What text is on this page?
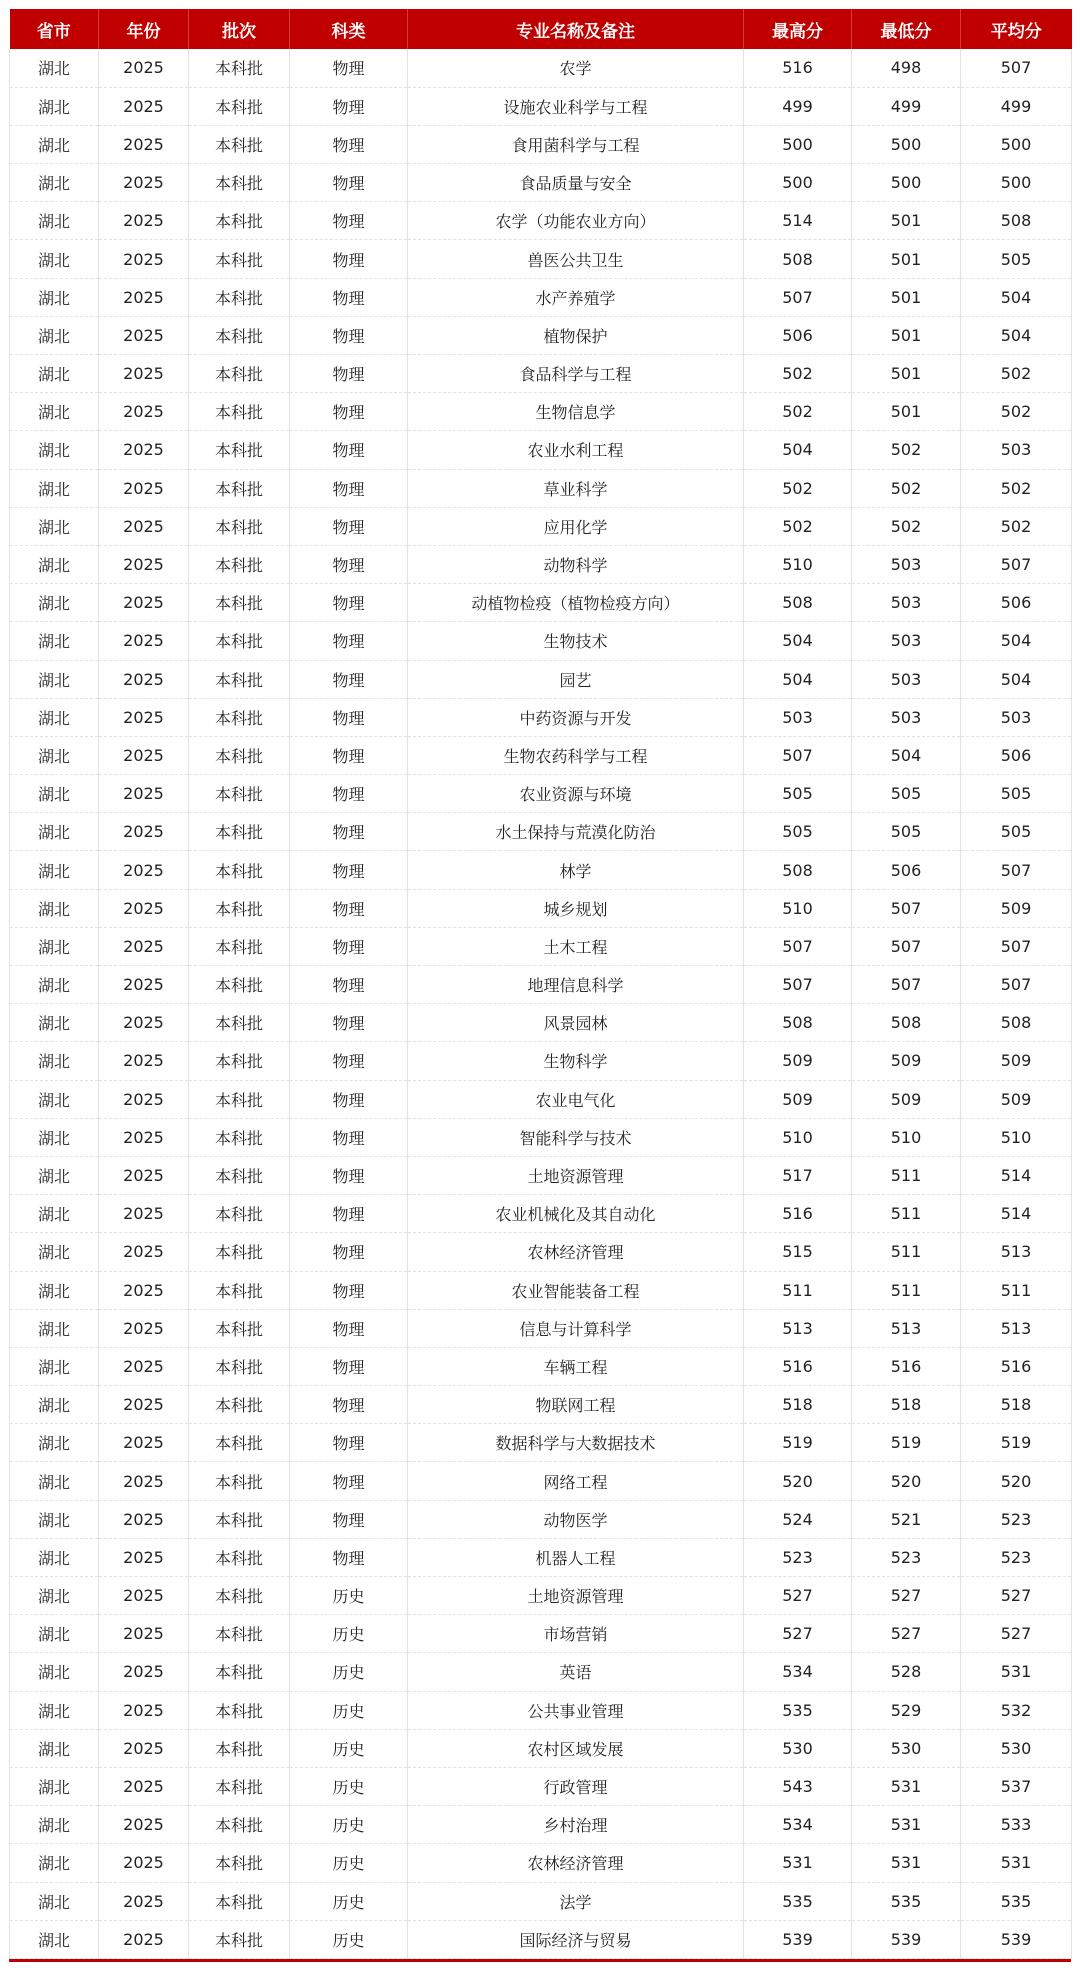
省市	年份	批次	科类	专业名称及备注	最高分	最低分	平均分
湖北	2025	本科批	物理	农学	516	498	507
湖北	2025	本科批	物理	设施农业科学与工程	499	499	499
湖北	2025	本科批	物理	食用菌科学与工程	500	500	500
湖北	2025	本科批	物理	食品质量与安全	500	500	500
湖北	2025	本科批	物理	农学（功能农业方向）	514	501	508
湖北	2025	本科批	物理	兽医公共卫生	508	501	505
湖北	2025	本科批	物理	水产养殖学	507	501	504
湖北	2025	本科批	物理	植物保护	506	501	504
湖北	2025	本科批	物理	食品科学与工程	502	501	502
湖北	2025	本科批	物理	生物信息学	502	501	502
湖北	2025	本科批	物理	农业水利工程	504	502	503
湖北	2025	本科批	物理	草业科学	502	502	502
湖北	2025	本科批	物理	应用化学	502	502	502
湖北	2025	本科批	物理	动物科学	510	503	507
湖北	2025	本科批	物理	动植物检疫（植物检疫方向）	508	503	506
湖北	2025	本科批	物理	生物技术	504	503	504
湖北	2025	本科批	物理	园艺	504	503	504
湖北	2025	本科批	物理	中药资源与开发	503	503	503
湖北	2025	本科批	物理	生物农药科学与工程	507	504	506
湖北	2025	本科批	物理	农业资源与环境	505	505	505
湖北	2025	本科批	物理	水土保持与荒漠化防治	505	505	505
湖北	2025	本科批	物理	林学	508	506	507
湖北	2025	本科批	物理	城乡规划	510	507	509
湖北	2025	本科批	物理	土木工程	507	507	507
湖北	2025	本科批	物理	地理信息科学	507	507	507
湖北	2025	本科批	物理	风景园林	508	508	508
湖北	2025	本科批	物理	生物科学	509	509	509
湖北	2025	本科批	物理	农业电气化	509	509	509
湖北	2025	本科批	物理	智能科学与技术	510	510	510
湖北	2025	本科批	物理	土地资源管理	517	511	514
湖北	2025	本科批	物理	农业机械化及其自动化	516	511	514
湖北	2025	本科批	物理	农林经济管理	515	511	513
湖北	2025	本科批	物理	农业智能装备工程	511	511	511
湖北	2025	本科批	物理	信息与计算科学	513	513	513
湖北	2025	本科批	物理	车辆工程	516	516	516
湖北	2025	本科批	物理	物联网工程	518	518	518
湖北	2025	本科批	物理	数据科学与大数据技术	519	519	519
湖北	2025	本科批	物理	网络工程	520	520	520
湖北	2025	本科批	物理	动物医学	524	521	523
湖北	2025	本科批	物理	机器人工程	523	523	523
湖北	2025	本科批	历史	土地资源管理	527	527	527
湖北	2025	本科批	历史	市场营销	527	527	527
湖北	2025	本科批	历史	英语	534	528	531
湖北	2025	本科批	历史	公共事业管理	535	529	532
湖北	2025	本科批	历史	农村区域发展	530	530	530
湖北	2025	本科批	历史	行政管理	543	531	537
湖北	2025	本科批	历史	乡村治理	534	531	533
湖北	2025	本科批	历史	农林经济管理	531	531	531
湖北	2025	本科批	历史	法学	535	535	535
湖北	2025	本科批	历史	国际经济与贸易	539	539	539
